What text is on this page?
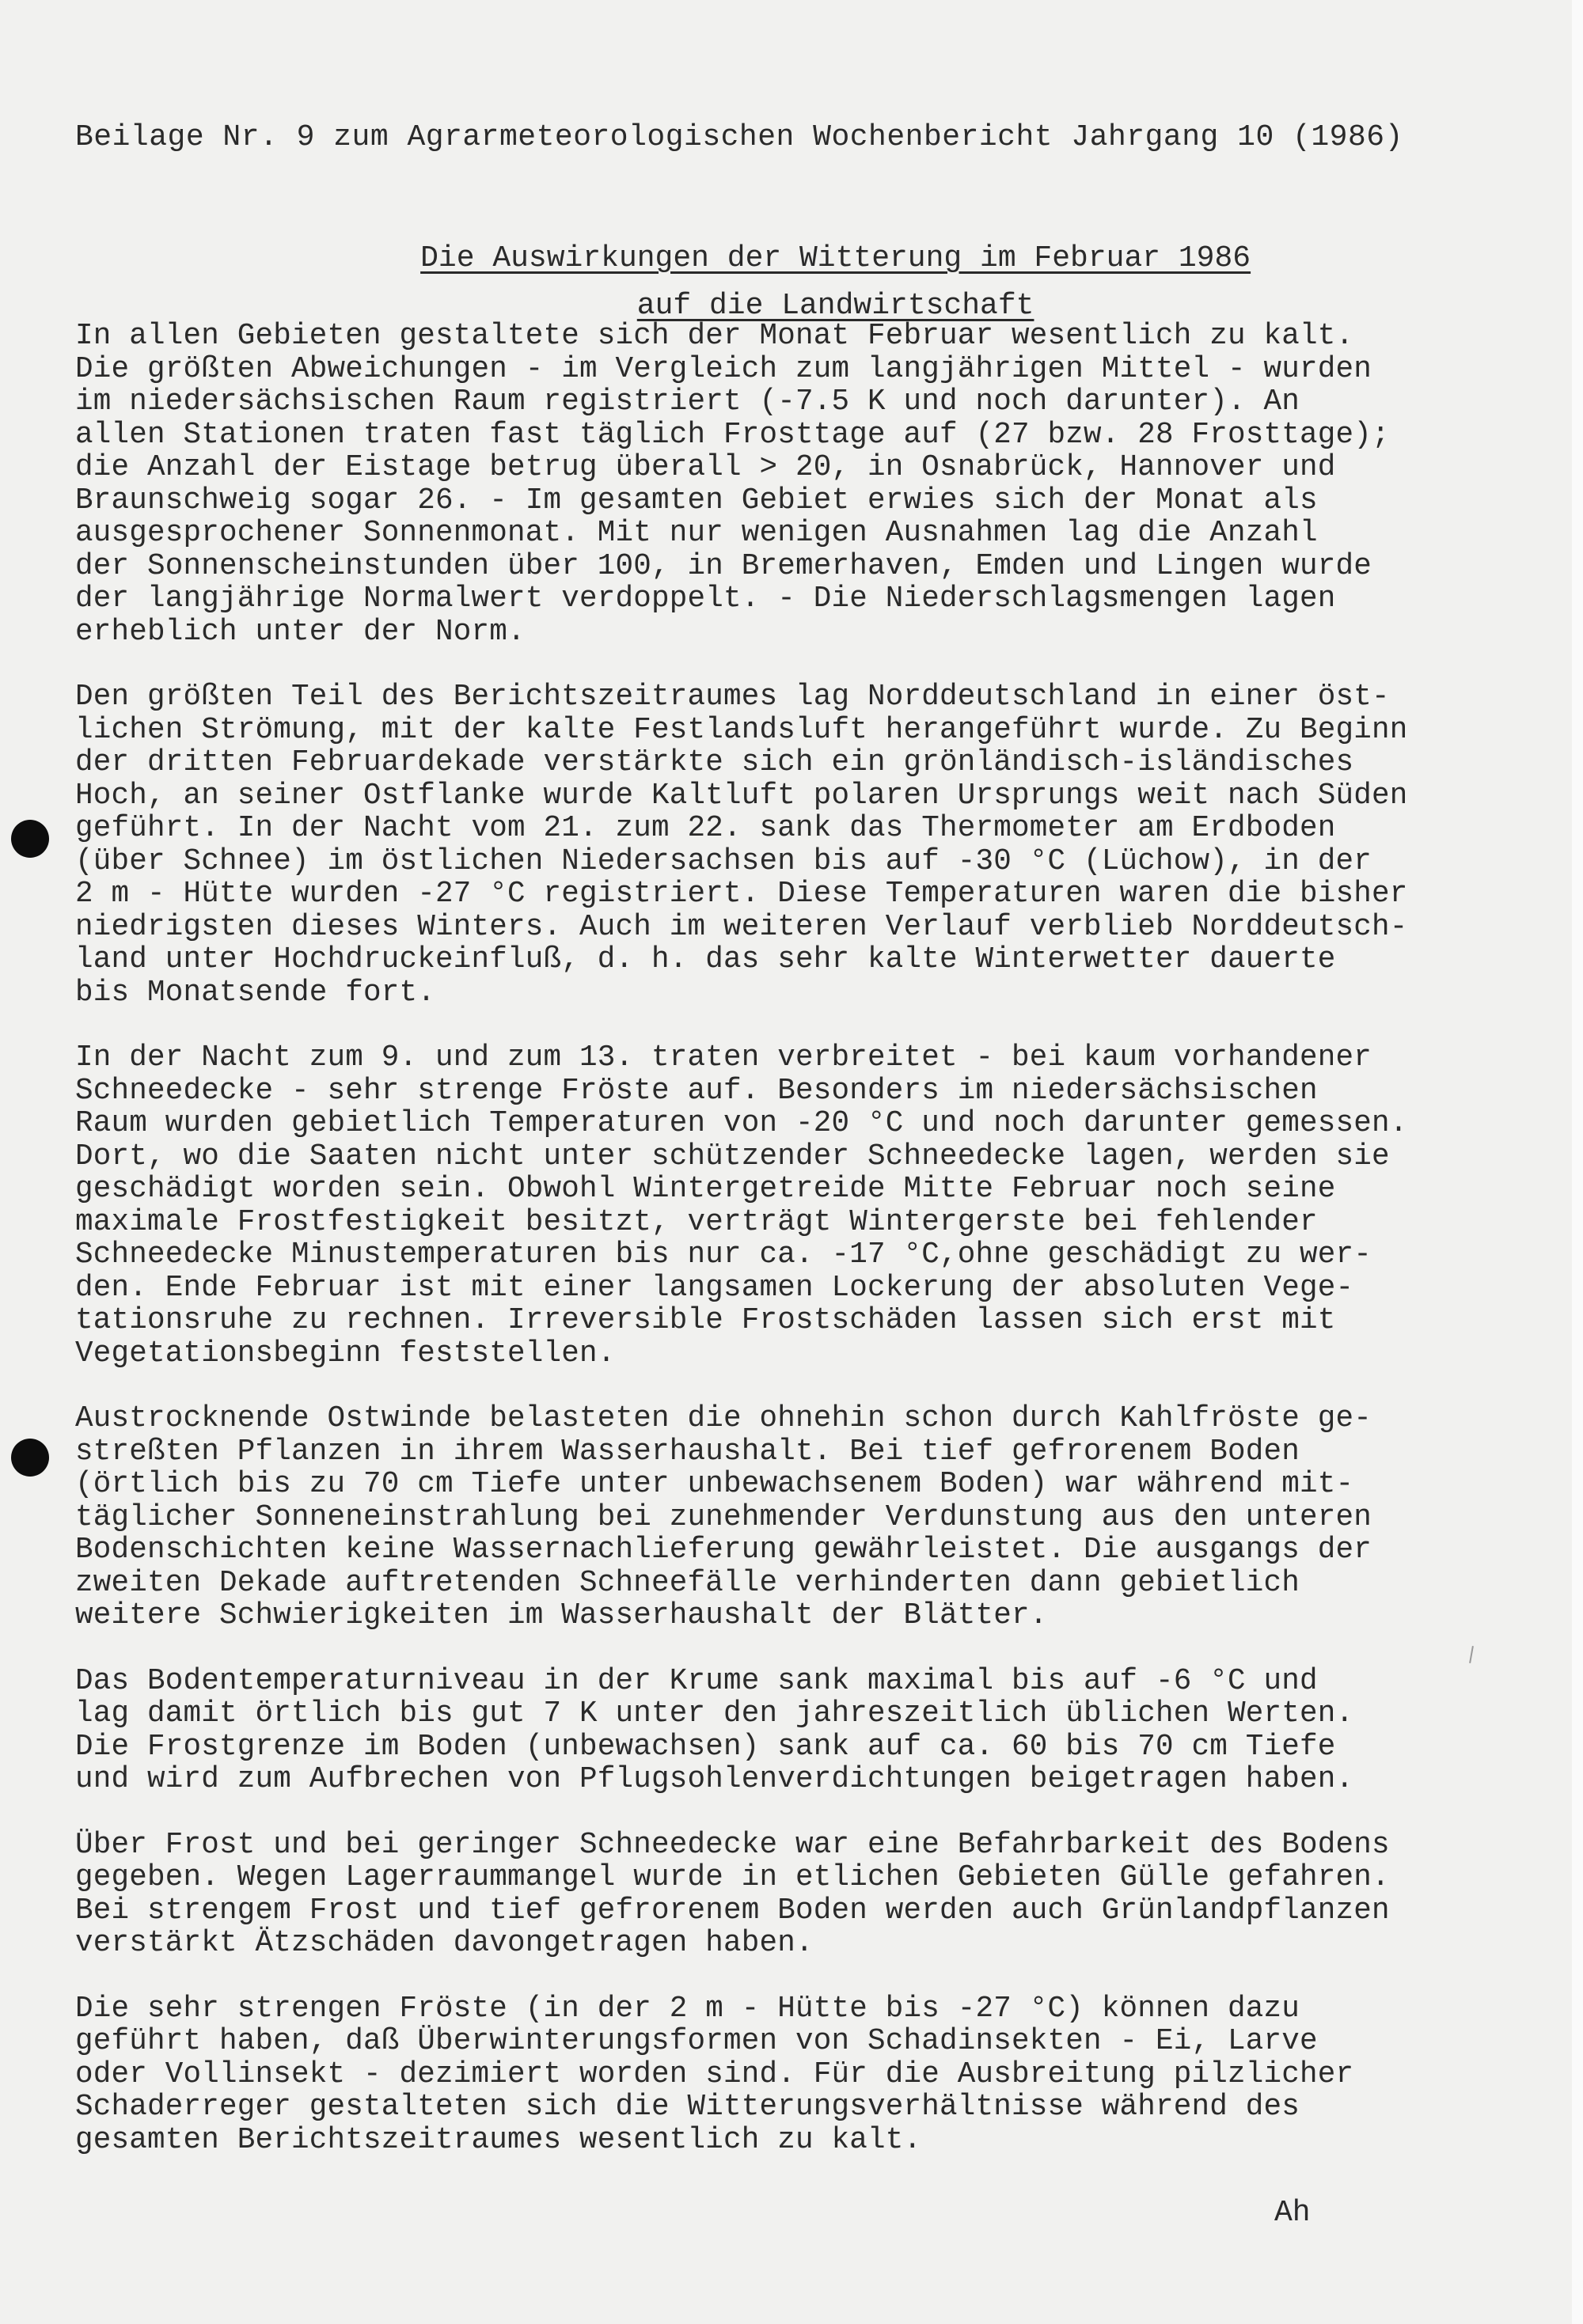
Beilage Nr. 9 zum Agrarmeteorologischen Wochenbericht Jahrgang 10 (1986)

Die Auswirkungen der Witterung im Februar 1986

auf die Landwirtschaft

In allen Gebieten gestaltete sich der Monat Februar wesentlich zu kalt.
Die größten Abweichungen - im Vergleich zum langjährigen Mittel - wurden
im niedersächsischen Raum registriert (-7.5 K und noch darunter). An
allen Stationen traten fast täglich Frosttage auf (27 bzw. 28 Frosttage);
die Anzahl der Eistage betrug überall > 20, in Osnabrück, Hannover und
Braunschweig sogar 26. - Im gesamten Gebiet erwies sich der Monat als
ausgesprochener Sonnenmonat. Mit nur wenigen Ausnahmen lag die Anzahl
der Sonnenscheinstunden über 100, in Bremerhaven, Emden und Lingen wurde
der langjährige Normalwert verdoppelt. - Die Niederschlagsmengen lagen
erheblich unter der Norm.
Den größten Teil des Berichtszeitraumes lag Norddeutschland in einer öst-
lichen Strömung, mit der kalte Festlandsluft herangeführt wurde. Zu Beginn
der dritten Februardekade verstärkte sich ein grönländisch-isländisches
Hoch, an seiner Ostflanke wurde Kaltluft polaren Ursprungs weit nach Süden
geführt. In der Nacht vom 21. zum 22. sank das Thermometer am Erdboden
(über Schnee) im östlichen Niedersachsen bis auf -30 °C (Lüchow), in der
2 m - Hütte wurden -27 °C registriert. Diese Temperaturen waren die bisher
niedrigsten dieses Winters. Auch im weiteren Verlauf verblieb Norddeutsch-
land unter Hochdruckeinfluß, d. h. das sehr kalte Winterwetter dauerte
bis Monatsende fort.
In der Nacht zum 9. und zum 13. traten verbreitet - bei kaum vorhandener
Schneedecke - sehr strenge Fröste auf. Besonders im niedersächsischen
Raum wurden gebietlich Temperaturen von -20 °C und noch darunter gemessen.
Dort, wo die Saaten nicht unter schützender Schneedecke lagen, werden sie
geschädigt worden sein. Obwohl Wintergetreide Mitte Februar noch seine
maximale Frostfestigkeit besitzt, verträgt Wintergerste bei fehlender
Schneedecke Minustemperaturen bis nur ca. -17 °C,ohne geschädigt zu wer-
den. Ende Februar ist mit einer langsamen Lockerung der absoluten Vege-
tationsruhe zu rechnen. Irreversible Frostschäden lassen sich erst mit
Vegetationsbeginn feststellen.
Austrocknende Ostwinde belasteten die ohnehin schon durch Kahlfröste ge-
streßten Pflanzen in ihrem Wasserhaushalt. Bei tief gefrorenem Boden
(örtlich bis zu 70 cm Tiefe unter unbewachsenem Boden) war während mit-
täglicher Sonneneinstrahlung bei zunehmender Verdunstung aus den unteren
Bodenschichten keine Wassernachlieferung gewährleistet. Die ausgangs der
zweiten Dekade auftretenden Schneefälle verhinderten dann gebietlich
weitere Schwierigkeiten im Wasserhaushalt der Blätter.
Das Bodentemperaturniveau in der Krume sank maximal bis auf -6 °C und
lag damit örtlich bis gut 7 K unter den jahreszeitlich üblichen Werten.
Die Frostgrenze im Boden (unbewachsen) sank auf ca. 60 bis 70 cm Tiefe
und wird zum Aufbrechen von Pflugsohlenverdichtungen beigetragen haben.
Über Frost und bei geringer Schneedecke war eine Befahrbarkeit des Bodens
gegeben. Wegen Lagerraummangel wurde in etlichen Gebieten Gülle gefahren.
Bei strengem Frost und tief gefrorenem Boden werden auch Grünlandpflanzen
verstärkt Ätzschäden davongetragen haben.
Die sehr strengen Fröste (in der 2 m - Hütte bis -27 °C) können dazu
geführt haben, daß Überwinterungsformen von Schadinsekten - Ei, Larve
oder Vollinsekt - dezimiert worden sind. Für die Ausbreitung pilzlicher
Schaderreger gestalteten sich die Witterungsverhältnisse während des
gesamten Berichtszeitraumes wesentlich zu kalt.
Ah
